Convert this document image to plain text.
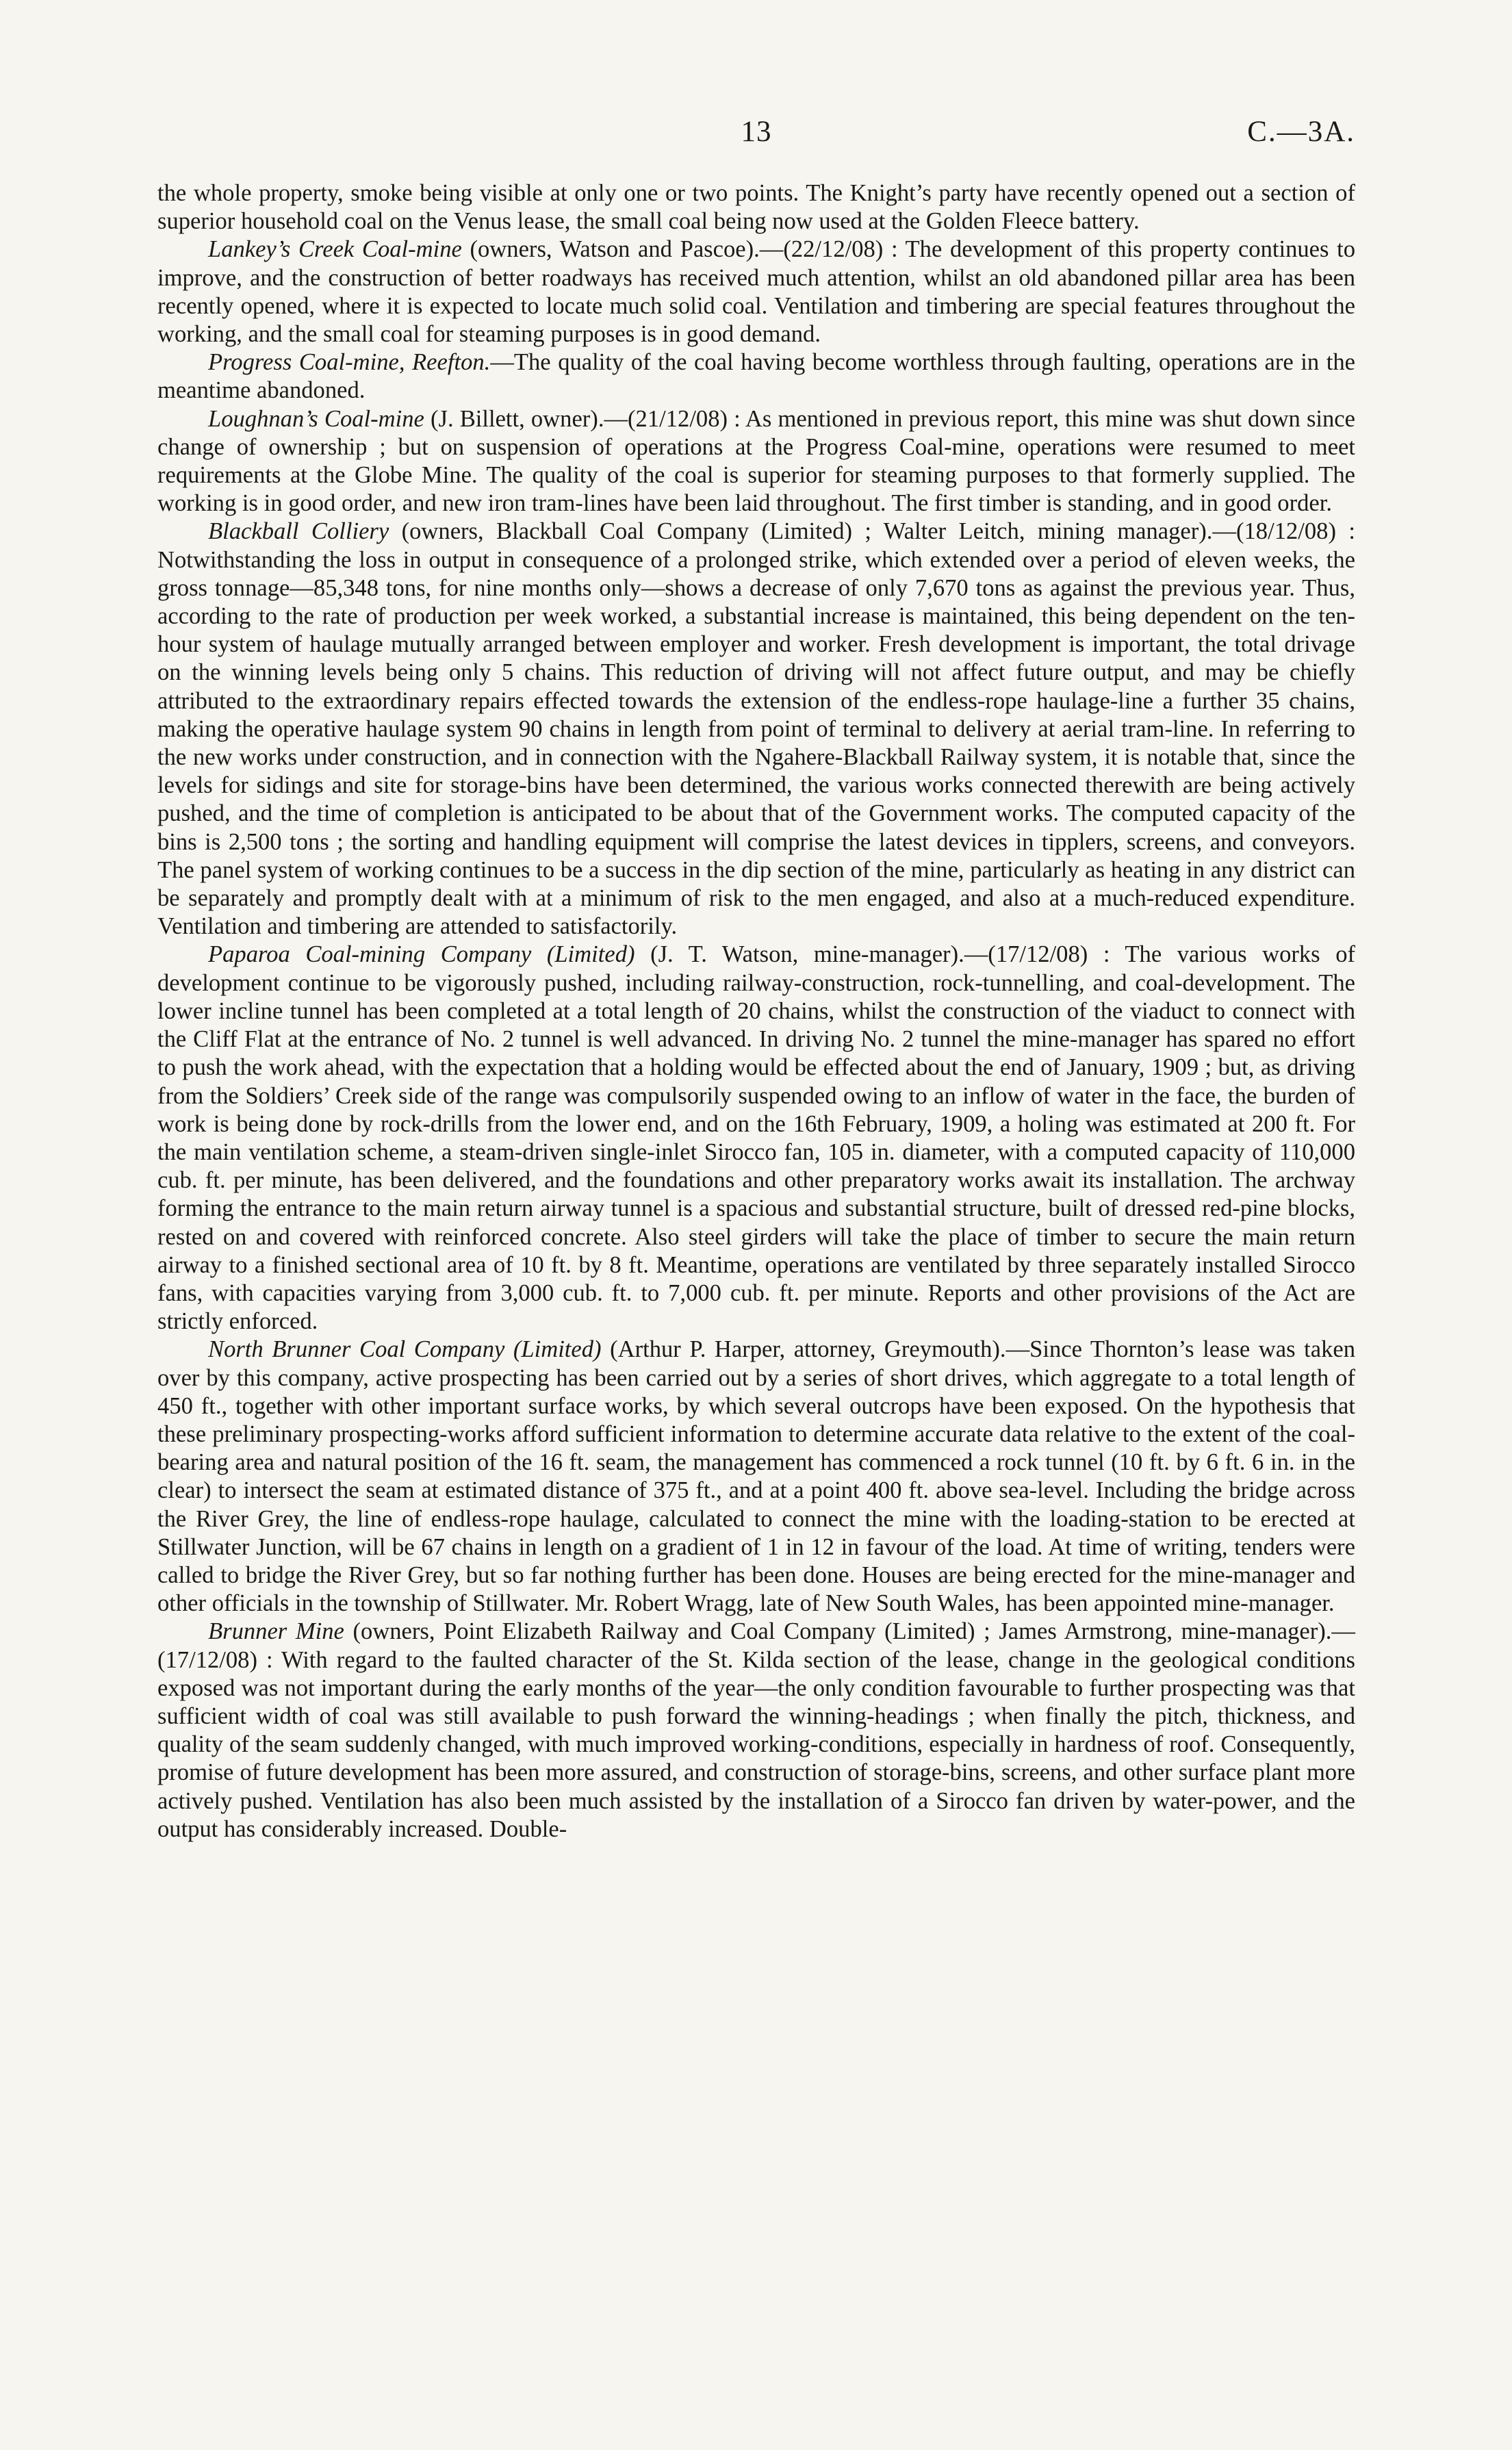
13	C.—3A.

the whole property, smoke being visible at only one or two points. The Knight’s party have recently opened out a section of superior household coal on the Venus lease, the small coal being now used at the Golden Fleece battery.

Lankey’s Creek Coal-mine (owners, Watson and Pascoe).—(22/12/08) : The development of this property continues to improve, and the construction of better roadways has received much attention, whilst an old abandoned pillar area has been recently opened, where it is expected to locate much solid coal. Ventilation and timbering are special features throughout the working, and the small coal for steaming purposes is in good demand.

Progress Coal-mine, Reefton.—The quality of the coal having become worthless through faulting, operations are in the meantime abandoned.

Loughnan’s Coal-mine (J. Billett, owner).—(21/12/08) : As mentioned in previous report, this mine was shut down since change of ownership ; but on suspension of operations at the Progress Coal-mine, operations were resumed to meet requirements at the Globe Mine. The quality of the coal is superior for steaming purposes to that formerly supplied. The working is in good order, and new iron tram-lines have been laid throughout. The first timber is standing, and in good order.

Blackball Colliery (owners, Blackball Coal Company (Limited) ; Walter Leitch, mining manager).—(18/12/08) : Notwithstanding the loss in output in consequence of a prolonged strike, which extended over a period of eleven weeks, the gross tonnage—85,348 tons, for nine months only—shows a decrease of only 7,670 tons as against the previous year. Thus, according to the rate of production per week worked, a substantial increase is maintained, this being dependent on the ten-hour system of haulage mutually arranged between employer and worker. Fresh development is important, the total drivage on the winning levels being only 5 chains. This reduction of driving will not affect future output, and may be chiefly attributed to the extraordinary repairs effected towards the extension of the endless-rope haulage-line a further 35 chains, making the operative haulage system 90 chains in length from point of terminal to delivery at aerial tram-line. In referring to the new works under construction, and in connection with the Ngahere-Blackball Railway system, it is notable that, since the levels for sidings and site for storage-bins have been determined, the various works connected therewith are being actively pushed, and the time of completion is anticipated to be about that of the Government works. The computed capacity of the bins is 2,500 tons ; the sorting and handling equipment will comprise the latest devices in tipplers, screens, and conveyors. The panel system of working continues to be a success in the dip section of the mine, particularly as heating in any district can be separately and promptly dealt with at a minimum of risk to the men engaged, and also at a much-reduced expenditure. Ventilation and timbering are attended to satisfactorily.

Paparoa Coal-mining Company (Limited) (J. T. Watson, mine-manager).—(17/12/08) : The various works of development continue to be vigorously pushed, including railway-construction, rock-tunnelling, and coal-development. The lower incline tunnel has been completed at a total length of 20 chains, whilst the construction of the viaduct to connect with the Cliff Flat at the entrance of No. 2 tunnel is well advanced. In driving No. 2 tunnel the mine-manager has spared no effort to push the work ahead, with the expectation that a holding would be effected about the end of January, 1909 ; but, as driving from the Soldiers’ Creek side of the range was compulsorily suspended owing to an inflow of water in the face, the burden of work is being done by rock-drills from the lower end, and on the 16th February, 1909, a holing was estimated at 200 ft. For the main ventilation scheme, a steam-driven single-inlet Sirocco fan, 105 in. diameter, with a computed capacity of 110,000 cub. ft. per minute, has been delivered, and the foundations and other preparatory works await its installation. The archway forming the entrance to the main return airway tunnel is a spacious and substantial structure, built of dressed red-pine blocks, rested on and covered with reinforced concrete. Also steel girders will take the place of timber to secure the main return airway to a finished sectional area of 10 ft. by 8 ft. Meantime, operations are ventilated by three separately installed Sirocco fans, with capacities varying from 3,000 cub. ft. to 7,000 cub. ft. per minute. Reports and other provisions of the Act are strictly enforced.

North Brunner Coal Company (Limited) (Arthur P. Harper, attorney, Greymouth).—Since Thornton’s lease was taken over by this company, active prospecting has been carried out by a series of short drives, which aggregate to a total length of 450 ft., together with other important surface works, by which several outcrops have been exposed. On the hypothesis that these preliminary prospecting-works afford sufficient information to determine accurate data relative to the extent of the coal-bearing area and natural position of the 16 ft. seam, the management has commenced a rock tunnel (10 ft. by 6 ft. 6 in. in the clear) to intersect the seam at estimated distance of 375 ft., and at a point 400 ft. above sea-level. Including the bridge across the River Grey, the line of endless-rope haulage, calculated to connect the mine with the loading-station to be erected at Stillwater Junction, will be 67 chains in length on a gradient of 1 in 12 in favour of the load. At time of writing, tenders were called to bridge the River Grey, but so far nothing further has been done. Houses are being erected for the mine-manager and other officials in the township of Stillwater. Mr. Robert Wragg, late of New South Wales, has been appointed mine-manager.

Brunner Mine (owners, Point Elizabeth Railway and Coal Company (Limited) ; James Armstrong, mine-manager).—(17/12/08) : With regard to the faulted character of the St. Kilda section of the lease, change in the geological conditions exposed was not important during the early months of the year—the only condition favourable to further prospecting was that sufficient width of coal was still available to push forward the winning-headings ; when finally the pitch, thickness, and quality of the seam suddenly changed, with much improved working-conditions, especially in hardness of roof. Consequently, promise of future development has been more assured, and construction of storage-bins, screens, and other surface plant more actively pushed. Ventilation has also been much assisted by the installation of a Sirocco fan driven by water-power, and the output has considerably increased. Double-
